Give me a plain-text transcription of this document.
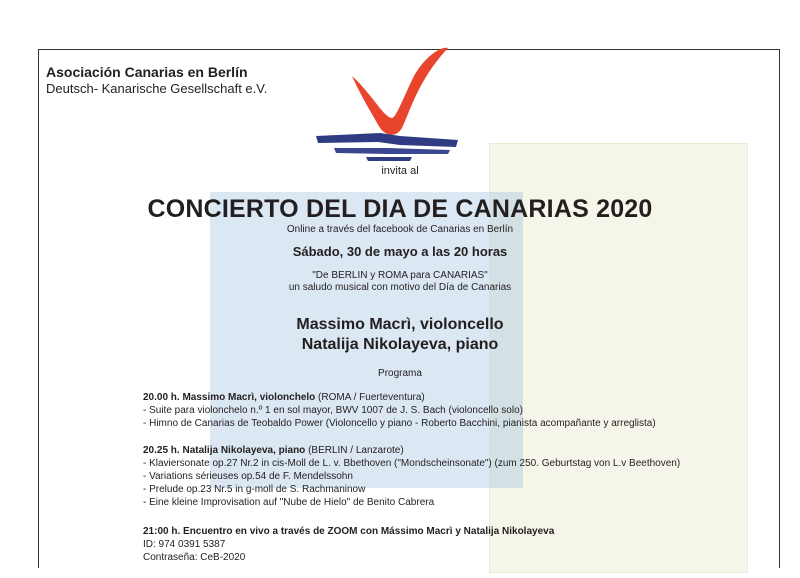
Asociación Canarias en Berlín
Deutsch- Kanarische Gesellschaft e.V.
invita al
CONCIERTO DEL DIA DE CANARIAS 2020
Online a través del facebook de Canarias en Berlín
Sábado, 30 de mayo a las 20 horas
"De BERLIN y ROMA para CANARIAS"
un saludo musical con motivo del Día de Canarias
Massimo Macrì, violoncello
Natalija Nikolayeva, piano
Programa
20.00 h. Massimo Macrì, violonchelo (ROMA / Fuerteventura)
- Suite para violonchelo n.º 1 en sol mayor, BWV 1007 de J. S. Bach (violoncello solo)
- Himno de Canarias de Teobaldo Power (Violoncello y piano - Roberto Bacchini, pianista acompañante y arreglista)
20.25 h. Natalija Nikolayeva, piano (BERLIN / Lanzarote)
- Klaviersonate op.27 Nr.2 in cis-Moll de L. v. Bbethoven ("Mondscheinsonate") (zum 250. Geburtstag von L.v Beethoven)
- Variations sérieuses op.54 de F. Mendelssohn
- Prelude op.23 Nr.5 in g-moll de S. Rachmaninow
- Eine kleine Improvisation auf "Nube de Hielo" de Benito Cabrera
21:00 h. Encuentro en vivo a través de ZOOM con Mássimo Macrì y Natalija Nikolayeva
ID: 974 0391 5387
Contraseña: CeB-2020
